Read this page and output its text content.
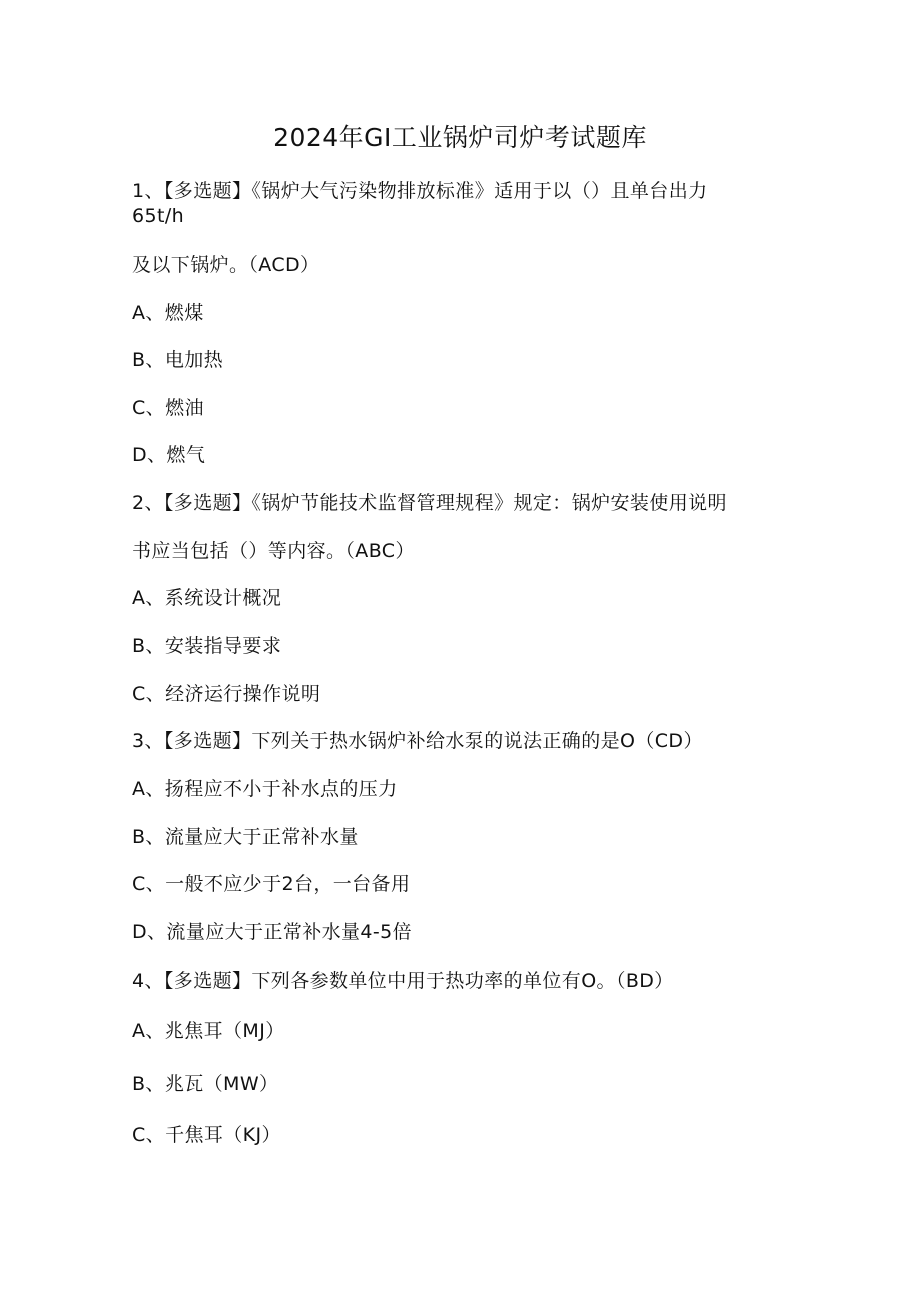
2024年GI工业锅炉司炉考试题库
1、【多选题】《锅炉大气污染物排放标准》适用于以（）且单台出力
65t∕h
及以下锅炉。（ACD）
A、燃煤
B、电加热
C、燃油
D、燃气
2、【多选题】《锅炉节能技术监督管理规程》规定：锅炉安装使用说明
书应当包括（）等内容。（ABC）
A、系统设计概况
B、安装指导要求
C、经济运行操作说明
3、【多选题】下列关于热水锅炉补给水泵的说法正确的是O（CD）
A、扬程应不小于补水点的压力
B、流量应大于正常补水量
C、一般不应少于2台，一台备用
D、流量应大于正常补水量4-5倍
4、【多选题】下列各参数单位中用于热功率的单位有O。（BD）
A、兆焦耳（MJ）
B、兆瓦（MW）
C、千焦耳（KJ）
